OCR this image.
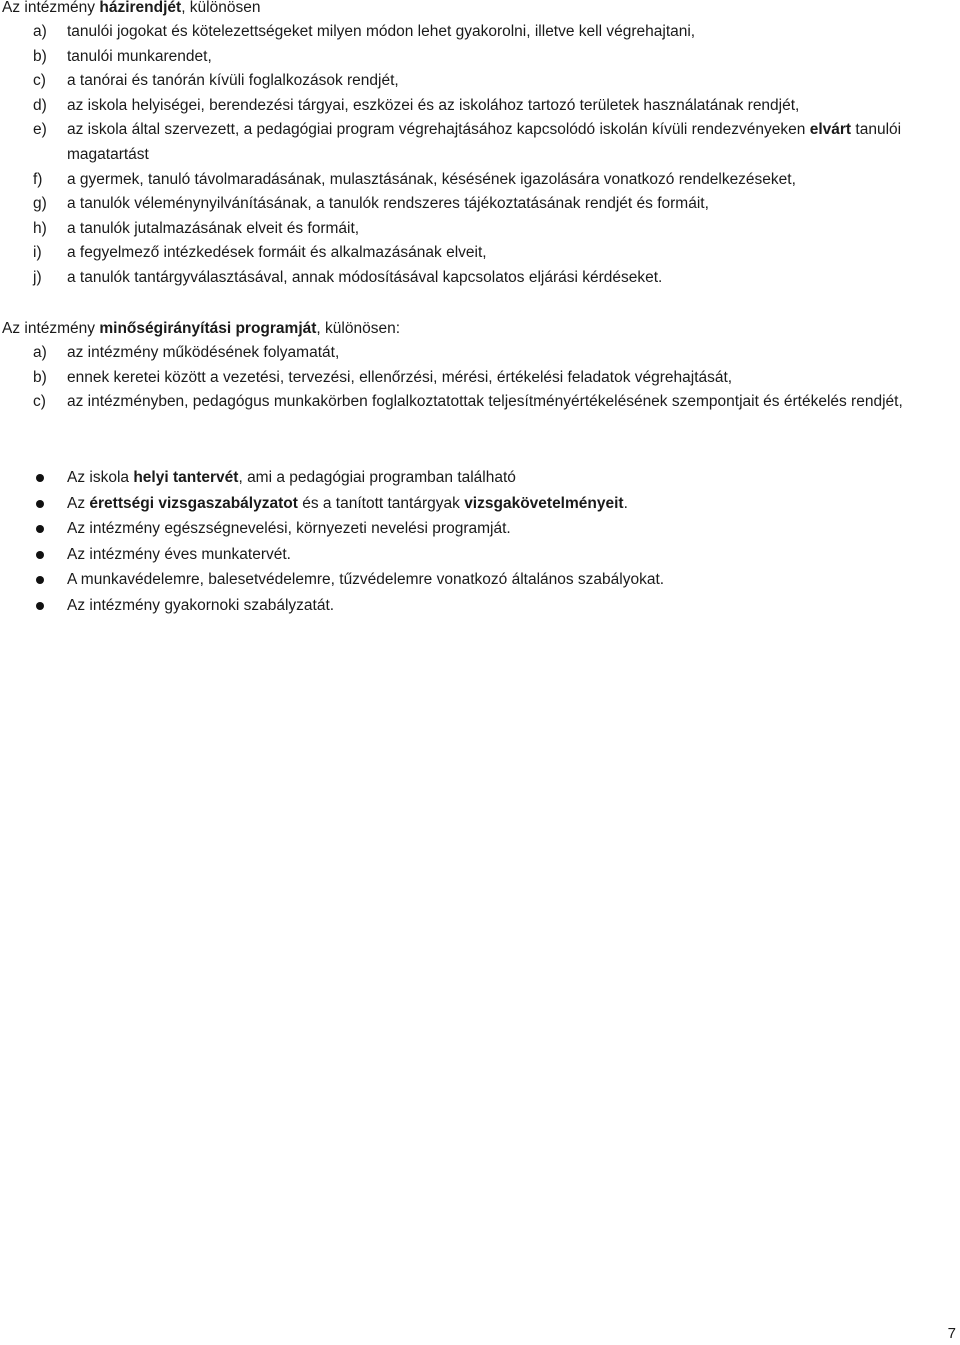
Az intézmény házirendjét, különösen
a) tanulói jogokat és kötelezettségeket milyen módon lehet gyakorolni, illetve kell végrehajtani,
b) tanulói munkarendet,
c) a tanórai és tanórán kívüli foglalkozások rendjét,
d) az iskola helyiségei, berendezési tárgyai, eszközei és az iskolához tartozó területek használatának rendjét,
e) az iskola által szervezett, a pedagógiai program végrehajtásához kapcsolódó iskolán kívüli rendezvényeken elvárt tanulói magatartást
f) a gyermek, tanuló távolmaradásának, mulasztásának, késésének igazolására vonatkozó rendelkezéseket,
g) a tanulók véleménynyilvánításának, a tanulók rendszeres tájékoztatásának rendjét és formáit,
h) a tanulók jutalmazásának elveit és formáit,
i) a fegyelmező intézkedések formáit és alkalmazásának elveit,
j) a tanulók tantárgyválasztásával, annak módosításával kapcsolatos eljárási kérdéseket.
Az intézmény minőségirányítási programját, különösen:
a) az intézmény működésének folyamatát,
b) ennek keretei között a vezetési, tervezési, ellenőrzési, mérési, értékelési feladatok végrehajtását,
c) az intézményben, pedagógus munkakörben foglalkoztatottak teljesítményértékelésének szempontjait és értékelés rendjét,
Az iskola helyi tantervét, ami a pedagógiai programban található
Az érettségi vizsgaszabályzatot és a tanított tantárgyak vizsgakövetelményeit.
Az intézmény egészségnevelési, környezeti nevelési programját.
Az intézmény éves munkatervét.
A munkavédelemre, balesetvédelemre, tűzvédelemre vonatkozó általános szabályokat.
Az intézmény gyakornoki szabályzatát.
7
